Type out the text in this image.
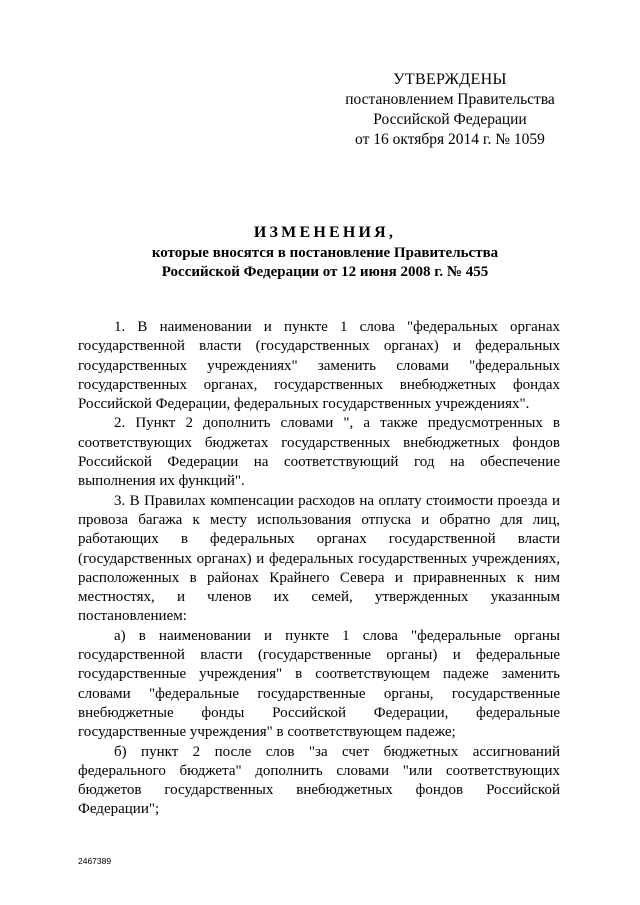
УТВЕРЖДЕНЫ
постановлением Правительства
Российской Федерации
от 16 октября 2014 г. № 1059
ИЗМЕНЕНИЯ,
которые вносятся в постановление Правительства
Российской Федерации от 12 июня 2008 г. № 455

1. В наименовании и пункте 1 слова "федеральных органах государственной власти (государственных органах) и федеральных государственных учреждениях" заменить словами "федеральных государственных органах, государственных внебюджетных фондах Российской Федерации, федеральных государственных учреждениях".

2. Пункт 2 дополнить словами ", а также предусмотренных в соответствующих бюджетах государственных внебюджетных фондов Российской Федерации на соответствующий год на обеспечение выполнения их функций".

3. В Правилах компенсации расходов на оплату стоимости проезда и провоза багажа к месту использования отпуска и обратно для лиц, работающих в федеральных органах государственной власти (государственных органах) и федеральных государственных учреждениях, расположенных в районах Крайнего Севера и приравненных к ним местностях, и членов их семей, утвержденных указанным постановлением:

а) в наименовании и пункте 1 слова "федеральные органы государственной власти (государственные органы) и федеральные государственные учреждения" в соответствующем падеже заменить словами "федеральные государственные органы, государственные внебюджетные фонды Российской Федерации, федеральные государственные учреждения" в соответствующем падеже;

б) пункт 2 после слов "за счет бюджетных ассигнований федерального бюджета" дополнить словами "или соответствующих бюджетов государственных внебюджетных фондов Российской Федерации";

2467389
